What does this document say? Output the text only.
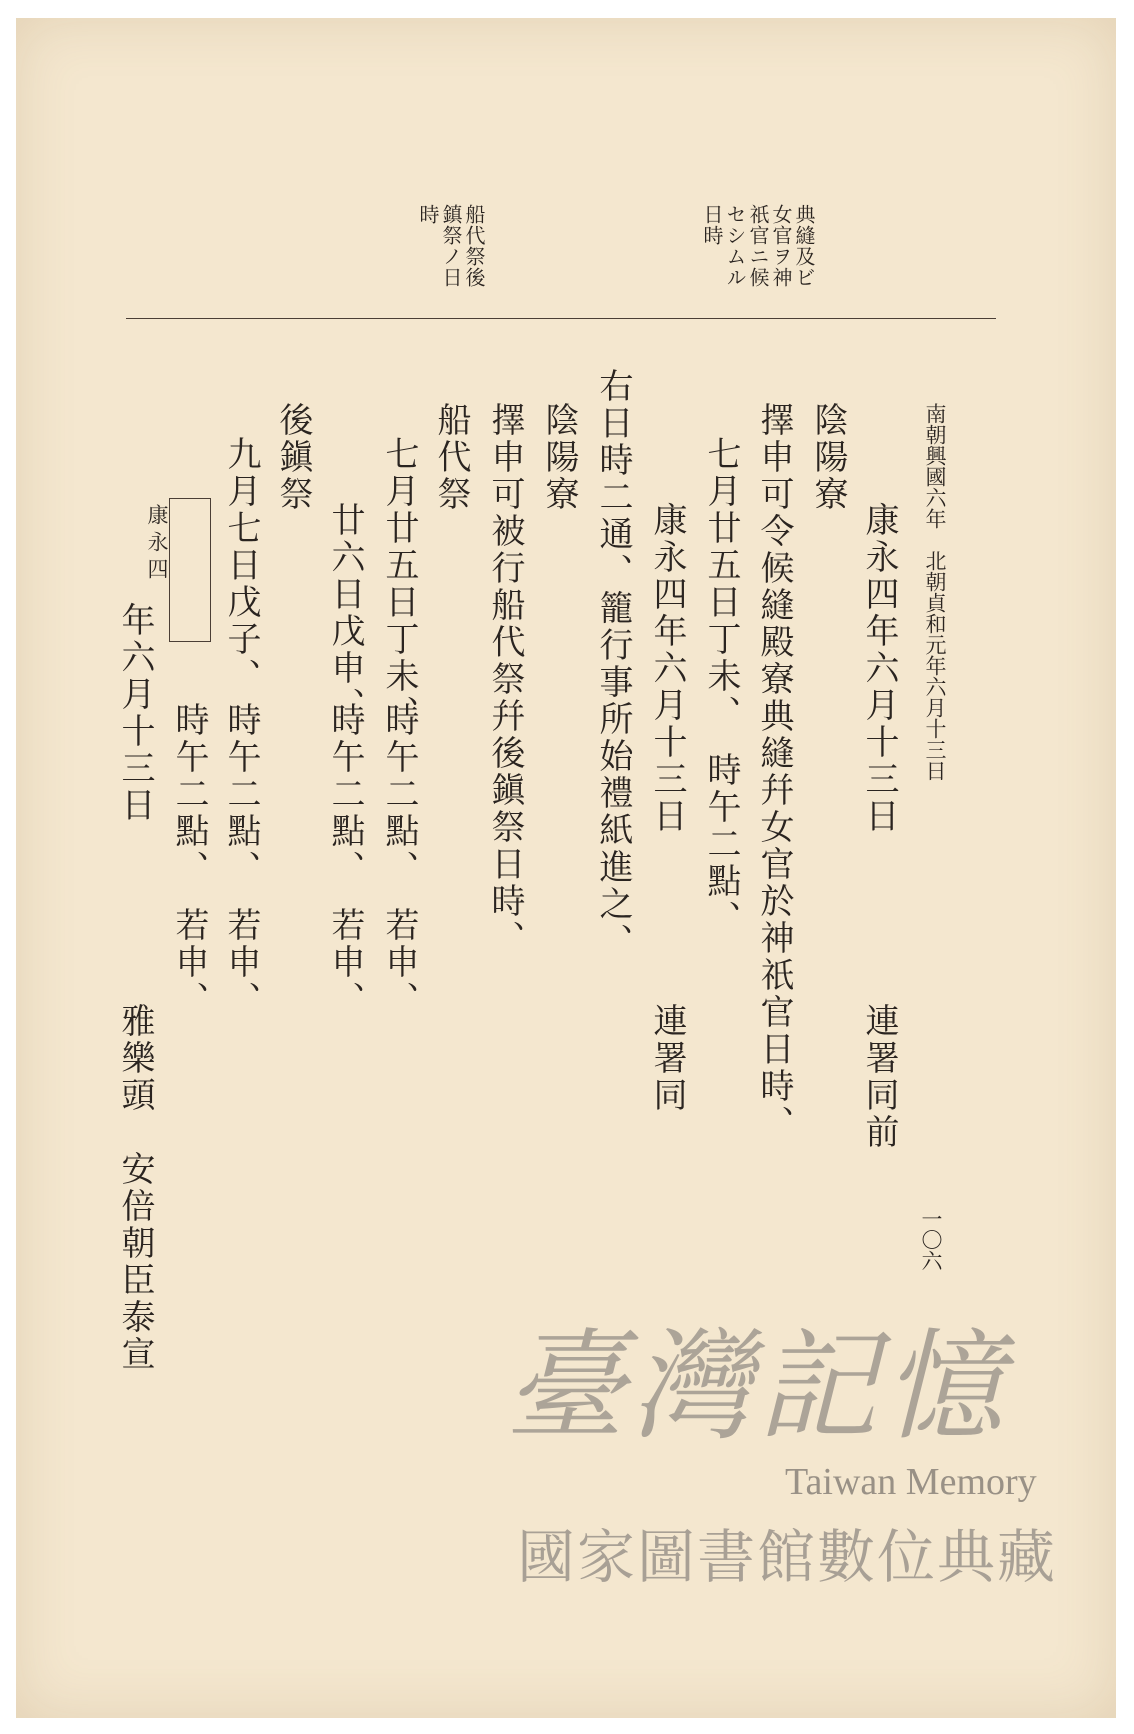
典縫及ビ
女官ヲ神
祇官ニ候
セシムル
日時
船代祭後
鎮祭ノ日
時
南朝興國六年　北朝貞和元年六月十三日
康永四年六月十三日
連署同前
陰陽寮
擇申可令候縫殿寮典縫幷女官於神祇官日時、
七月廿五日丁未、　時午二點、
康永四年六月十三日
連署同
右日時二通、籠行事所始禮紙進之、
陰陽寮
擇申可被行船代祭幷後鎭祭日時、
船代祭
七月廿五日丁未、
時午二點、　若申、
廿六日戊申、
時午二點、　若申、
後鎭祭
九月七日戊子、
時午二點、　若申、
時午二點、　若申、
康永四
年六月十三日
雅樂頭　安倍朝臣泰宣	一〇六
臺灣記憶
Taiwan Memory
國家圖書館數位典藏
